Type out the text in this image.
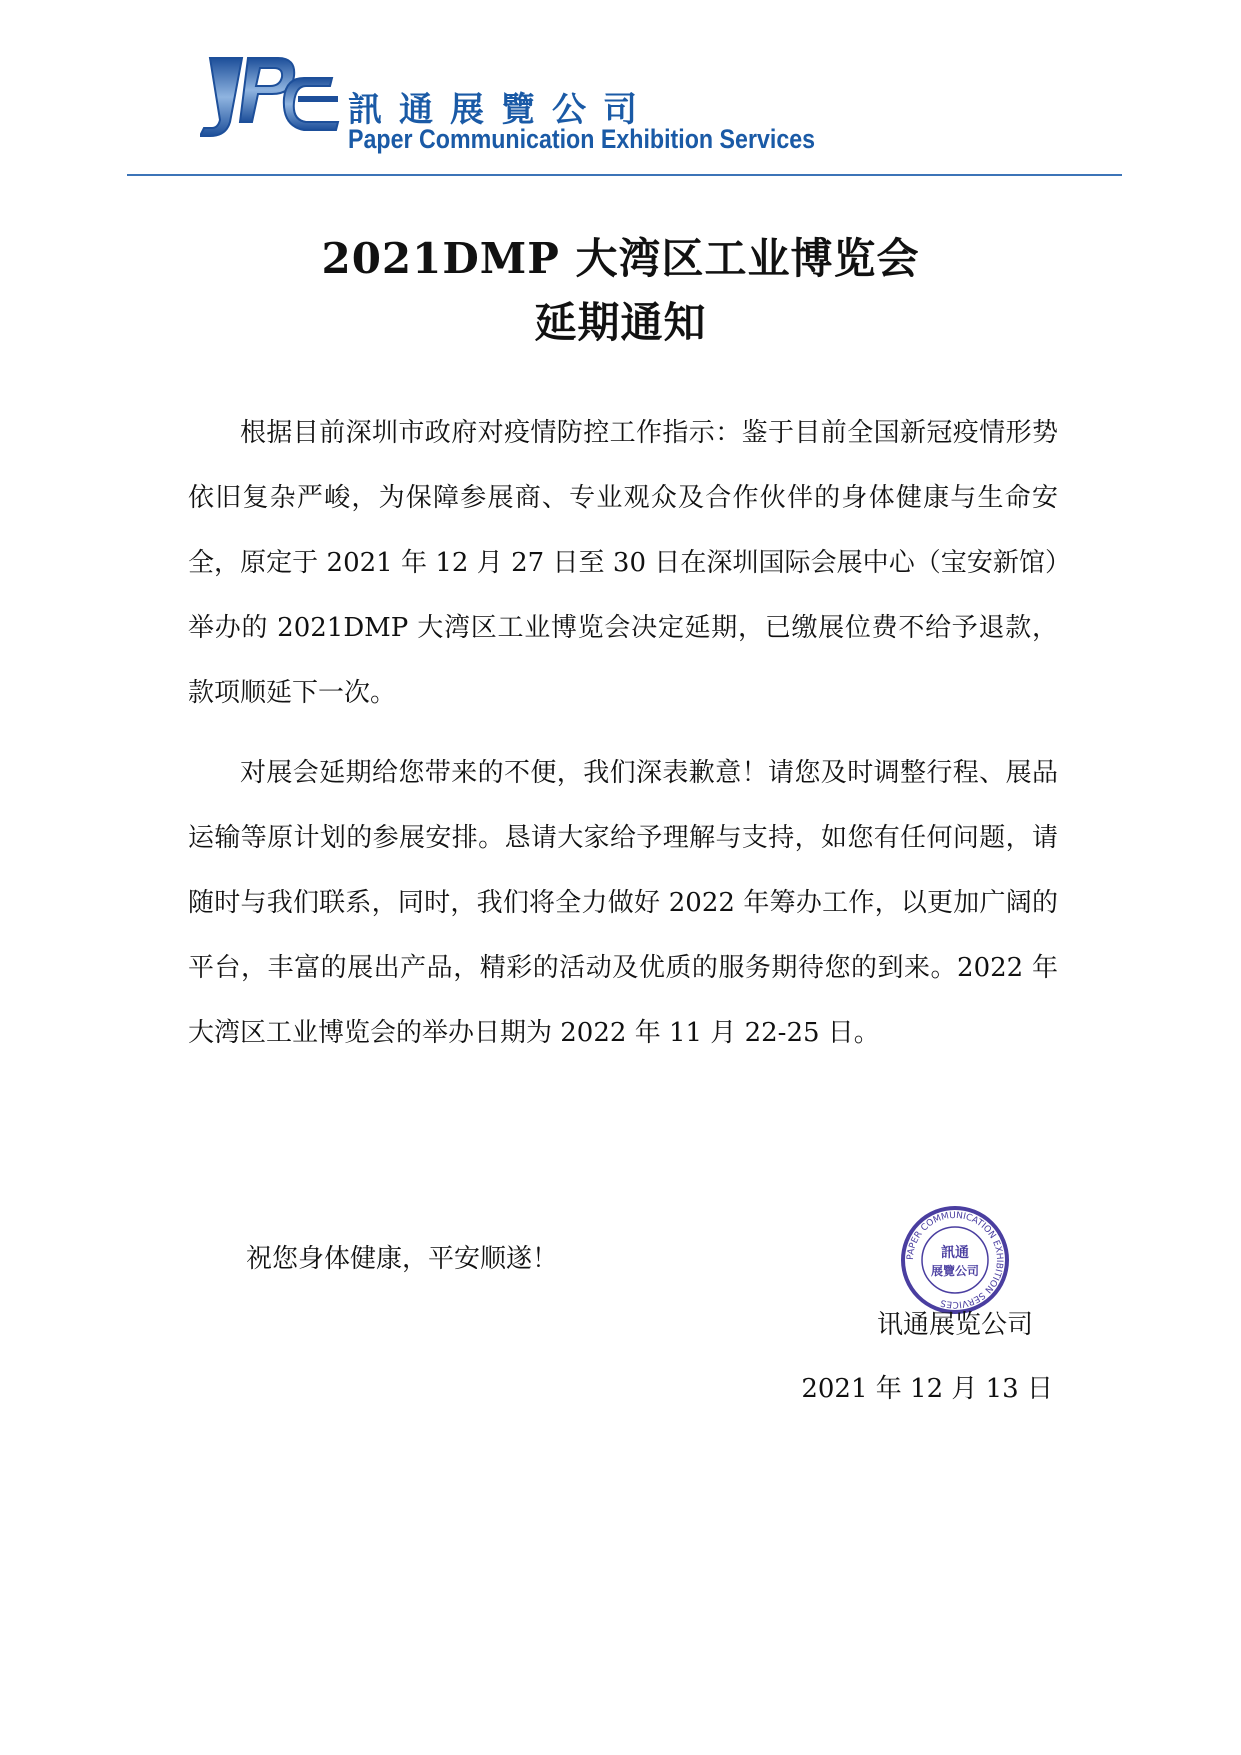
訊通展覽公司
Paper Communication Exhibition Services
2021DMP 大湾区工业博览会
延期通知

根据目前深圳市政府对疫情防控工作指示：鉴于目前全国新冠疫情形势依旧复杂严峻，为保障参展商、专业观众及合作伙伴的身体健康与生命安全，原定于 2021 年 12 月 27 日至 30 日在深圳国际会展中心（宝安新馆）举办的 2021DMP 大湾区工业博览会决定延期，已缴展位费不给予退款，款项顺延下一次。

对展会延期给您带来的不便，我们深表歉意！请您及时调整行程、展品运输等原计划的参展安排。恳请大家给予理解与支持，如您有任何问题，请随时与我们联系，同时，我们将全力做好 2022 年筹办工作，以更加广阔的平台，丰富的展出产品，精彩的活动及优质的服务期待您的到来。2022 年大湾区工业博览会的举办日期为 2022 年 11 月 22-25 日。

祝您身体健康，平安顺遂！	PAPER COMMUNICATION EXHIBITION SERVICES
訊通
展覽公司
讯通展览公司
2021 年 12 月 13 日
